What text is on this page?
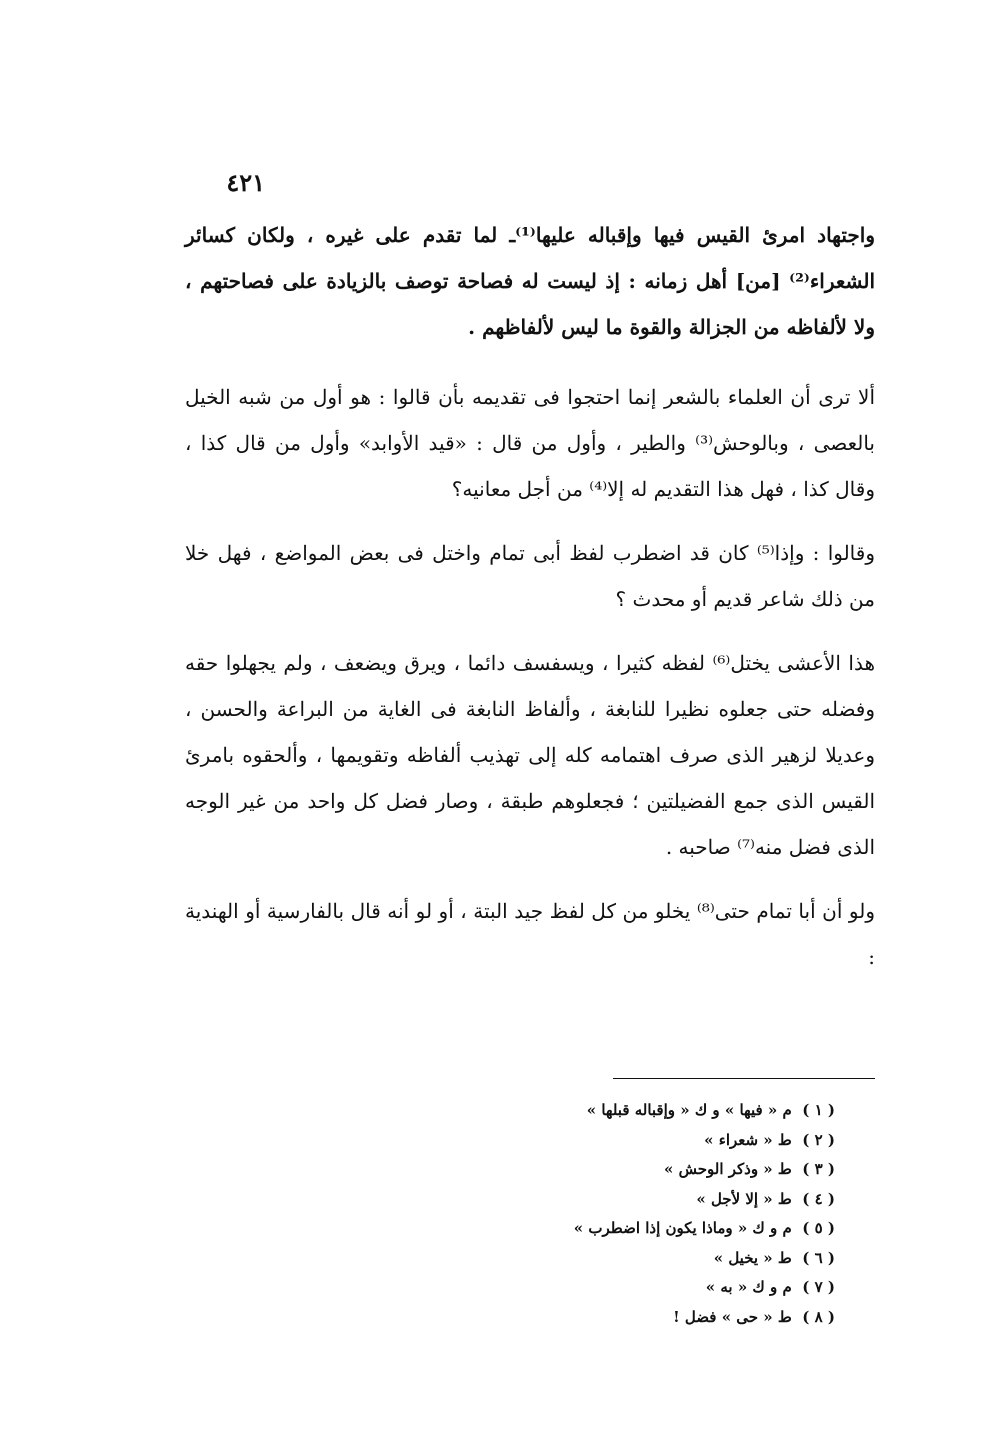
٤٢١

واجتهاد امرئ القيس فيها وإقباله عليها⁽¹⁾ـ لما تقدم على غيره ، ولكان كسائر الشعراء⁽²⁾ [من] أهل زمانه : إذ ليست له فصاحة توصف بالزيادة على فصاحتهم ، ولا لألفاظه من الجزالة والقوة ما ليس لألفاظهم .

ألا ترى أن العلماء بالشعر إنما احتجوا فى تقديمه بأن قالوا : هو أول من شبه الخيل بالعصى ، وبالوحش⁽³⁾ والطير ، وأول من قال : «قيد الأوابد» وأول من قال كذا ، وقال كذا ، فهل هذا التقديم له إلا⁽⁴⁾ من أجل معانيه؟

وقالوا : وإذا⁽⁵⁾ كان قد اضطرب لفظ أبى تمام واختل فى بعض المواضع ، فهل خلا من ذلك شاعر قديم أو محدث ؟

هذا الأعشى يختل⁽⁶⁾ لفظه كثيرا ، ويسفسف دائما ، ويرق ويضعف ، ولم يجهلوا حقه وفضله حتى جعلوه نظيرا للنابغة ، وألفاظ النابغة فى الغاية من البراعة والحسن ، وعديلا لزهير الذى صرف اهتمامه كله إلى تهذيب ألفاظه وتقويمها ، وألحقوه بامرئ القيس الذى جمع الفضيلتين ؛ فجعلوهم طبقة ، وصار فضل كل واحد من غير الوجه الذى فضل منه⁽⁷⁾ صاحبه .

ولو أن أبا تمام حتى⁽⁸⁾ يخلو من كل لفظ جيد البتة ، أو لو أنه قال بالفارسية أو الهندية :

( ١ ) م « فيها » و ك « وإقباله قبلها »
( ٢ ) ط « شعراء »
( ٣ ) ط « وذكر الوحش »
( ٤ ) ط « إلا لأجل »
( ٥ ) م و ك « وماذا يكون إذا اضطرب »
( ٦ ) ط « يخيل »
( ٧ ) م و ك « به »
( ٨ ) ط « حى » فضل !
